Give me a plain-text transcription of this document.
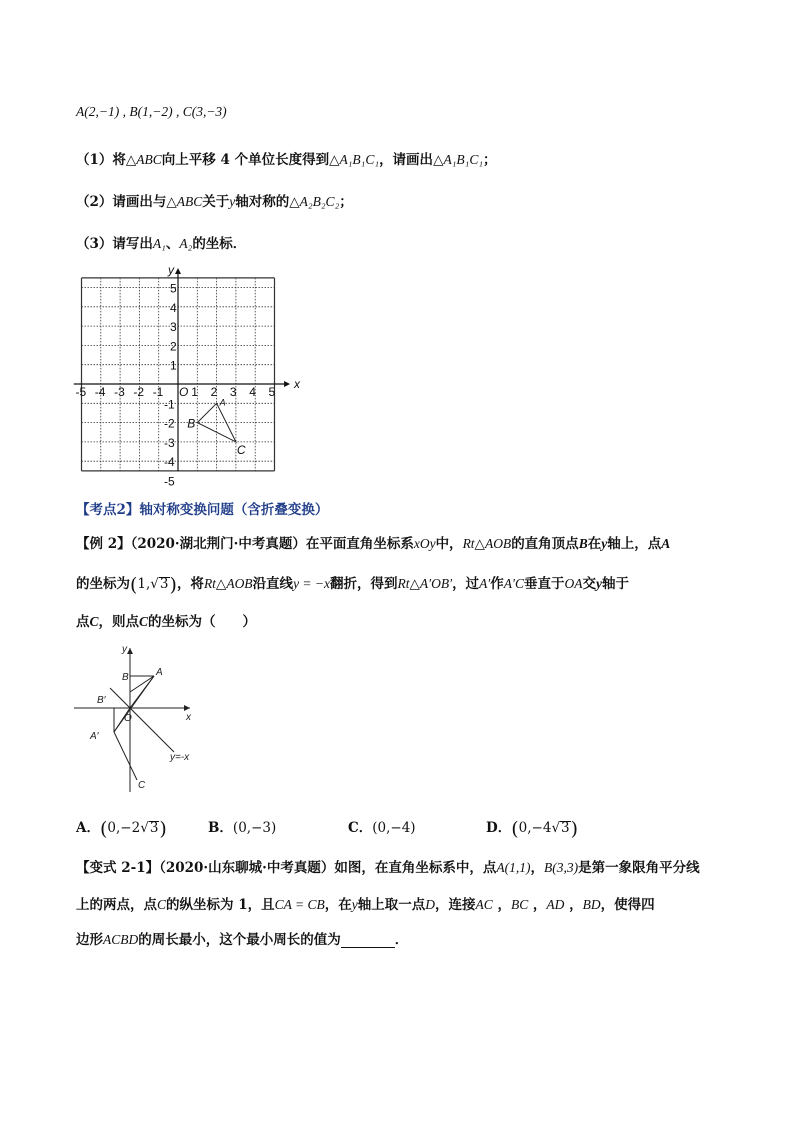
A(2,−1) , B(1,−2) , C(3,−3)
（1）将△ABC向上平移 4 个单位长度得到△A₁B₁C₁，请画出△A₁B₁C₁；
（2）请画出与△ABC关于y轴对称的△A₂B₂C₂；
（3）请写出A₁、A₂的坐标．
x
y
-5 -4 -3 -2 -1 O 1 2 3 4 5
5
4
3
2
1
-1
-2
-3
-4
-5
A
B
C
【考点2】轴对称变换问题（含折叠变换）
【例 2】（2020·湖北荆门·中考真题）在平面直角坐标系xOy中，Rt△AOB的直角顶点B在y轴上，点A
的坐标为(1,√3)，将Rt△AOB沿直线y = −x翻折，得到Rt△A′OB′，过A′作A′C垂直于OA交y轴于
点C，则点C的坐标为（　　）
y
A
B
B′
O	x
A′
y=-x
C
A．(0,−2√3)	B．(0,−3)	C．(0,−4)	D．(0,−4√3)
【变式 2-1】（2020·山东聊城·中考真题）如图，在直角坐标系中，点A(1,1)，B(3,3)是第一象限角平分线
上的两点，点C的纵坐标为 1，且CA = CB，在y轴上取一点D，连接AC ，BC ，AD ，BD，使得四
边形ACBD的周长最小，这个最小周长的值为	．
